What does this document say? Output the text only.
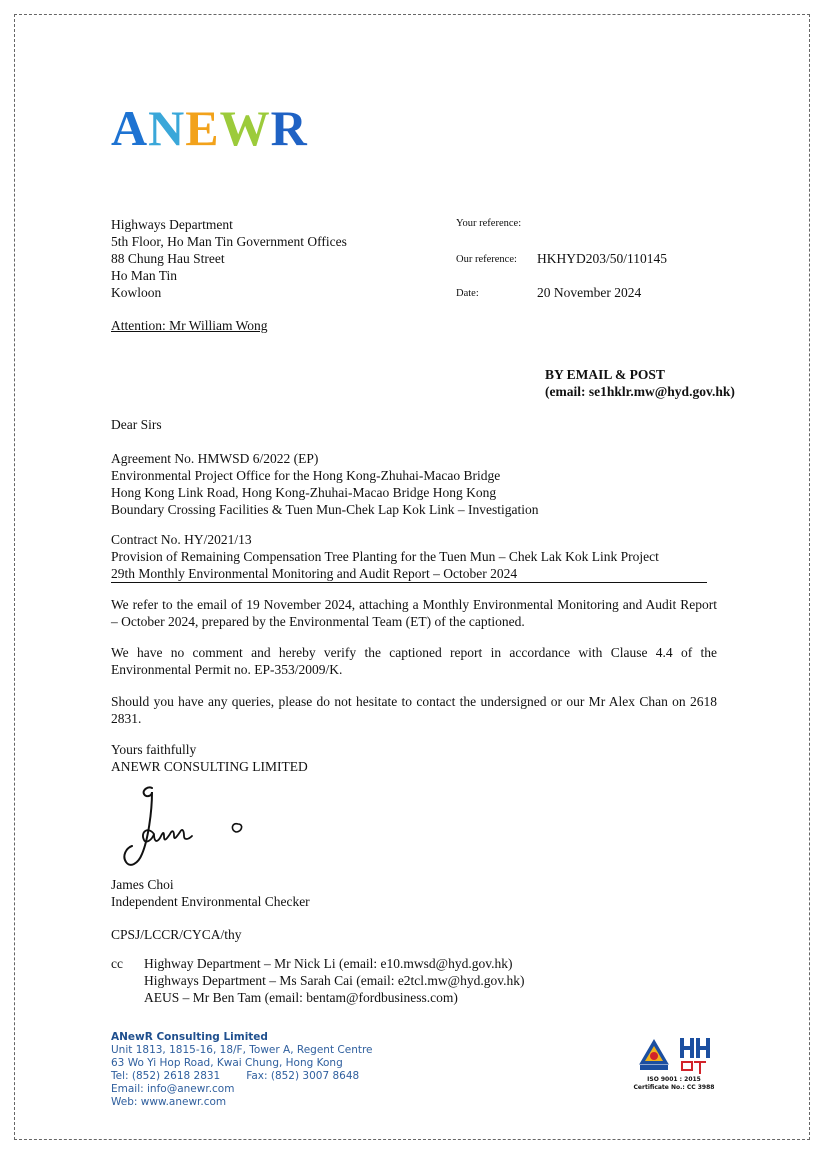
ANEWR
Highways Department
5th Floor, Ho Man Tin Government Offices
88 Chung Hau Street
Ho Man Tin
Kowloon
Attention: Mr William Wong
Your reference:
Our reference: HKHYD203/50/110145
Date:	20 November 2024
BY EMAIL & POST
(email: se1hklr.mw@hyd.gov.hk)
Dear Sirs
Agreement No. HMWSD 6/2022 (EP)
Environmental Project Office for the Hong Kong-Zhuhai-Macao Bridge
Hong Kong Link Road, Hong Kong-Zhuhai-Macao Bridge Hong Kong
Boundary Crossing Facilities & Tuen Mun-Chek Lap Kok Link – Investigation
Contract No. HY/2021/13
Provision of Remaining Compensation Tree Planting for the Tuen Mun – Chek Lak Kok Link Project
29th Monthly Environmental Monitoring and Audit Report – October 2024
We refer to the email of 19 November 2024, attaching a Monthly Environmental Monitoring and Audit Report – October 2024, prepared by the Environmental Team (ET) of the captioned.
We have no comment and hereby verify the captioned report in accordance with Clause 4.4 of the Environmental Permit no. EP-353/2009/K.
Should you have any queries, please do not hesitate to contact the undersigned or our Mr Alex Chan on 2618 2831.
Yours faithfully
ANEWR CONSULTING LIMITED
James Choi
Independent Environmental Checker
CPSJ/LCCR/CYCA/thy
cc Highway Department – Mr Nick Li (email: e10.mwsd@hyd.gov.hk)
Highways Department – Ms Sarah Cai (email: e2tcl.mw@hyd.gov.hk)
AEUS – Mr Ben Tam (email: bentam@fordbusiness.com)
ANewR Consulting Limited
Unit 1813, 1815-16, 18/F, Tower A, Regent Centre
63 Wo Yi Hop Road, Kwai Chung, Hong Kong
Tel: (852) 2618 2831 Fax: (852) 3007 8648
Email: info@anewr.com
Web: www.anewr.com
ISO 9001 : 2015
Certificate No.: CC 3988
